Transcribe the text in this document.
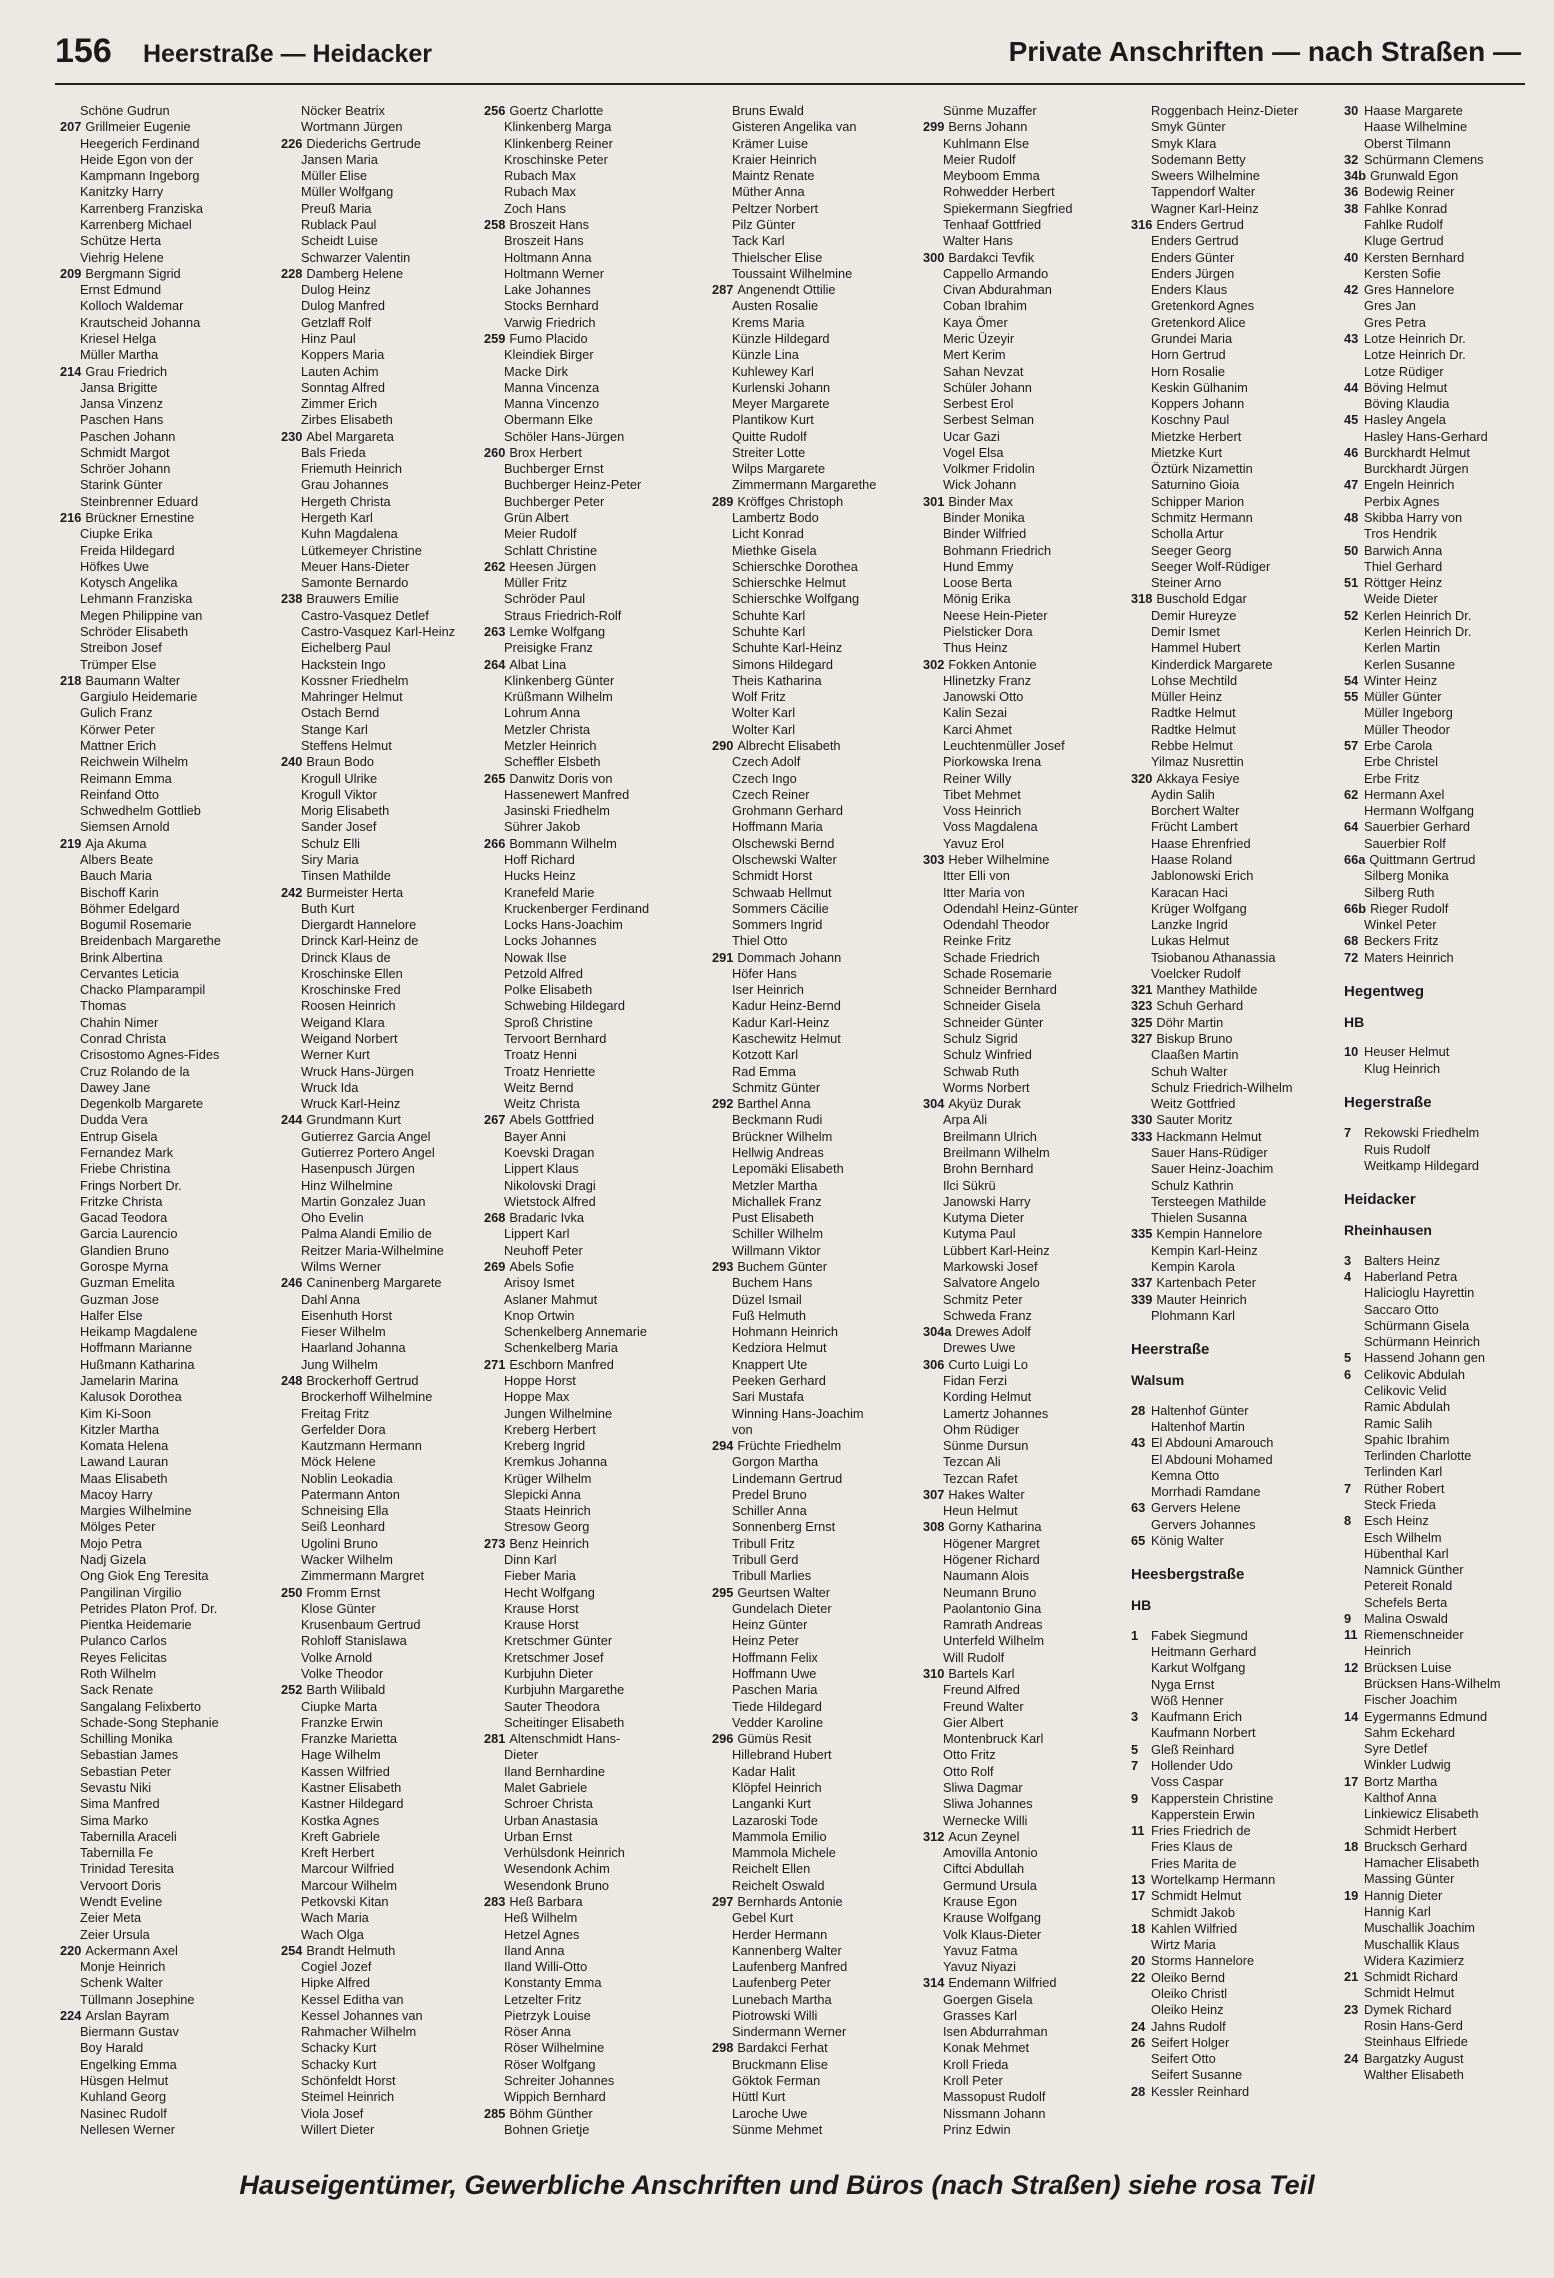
156 Heerstraße — Heidacker	Private Anschriften — nach Straßen —
Schöne Gudrun
207 Grillmeier Eugenie
Heegerich Ferdinand
Heide Egon von der
Kampmann Ingeborg
Kanitzky Harry
Karrenberg Franziska
Karrenberg Michael
Schütze Herta
Viehrig Helene
209 Bergmann Sigrid
Ernst Edmund
Kolloch Waldemar
Krautscheid Johanna
Kriesel Helga
Müller Martha
214 Grau Friedrich
Jansa Brigitte
Jansa Vinzenz
Paschen Hans
Paschen Johann
Schmidt Margot
Schröer Johann
Starink Günter
Steinbrenner Eduard
216 Brückner Ernestine
Ciupke Erika
Freida Hildegard
Höfkes Uwe
Kotysch Angelika
Lehmann Franziska
Megen Philippine van
Schröder Elisabeth
Streibon Josef
Trümper Else
218 Baumann Walter
Gargiulo Heidemarie
Gulich Franz
Körwer Peter
Mattner Erich
Reichwein Wilhelm
Reimann Emma
Reinfand Otto
Schwedhelm Gottlieb
Siemsen Arnold
219 Aja Akuma
Albers Beate
Bauch Maria
Bischoff Karin
Böhmer Edelgard
Bogumil Rosemarie
Breidenbach Margarethe
Brink Albertina
Cervantes Leticia
Chacko Plamparampil
Thomas
Chahin Nimer
Conrad Christa
Crisostomo Agnes-Fides
Cruz Rolando de la
Dawey Jane
Degenkolb Margarete
Dudda Vera
Entrup Gisela
Fernandez Mark
Friebe Christina
Frings Norbert Dr.
Fritzke Christa
Gacad Teodora
Garcia Laurencio
Glandien Bruno
Gorospe Myrna
Guzman Emelita
Guzman Jose
Halfer Else
Heikamp Magdalene
Hoffmann Marianne
Hußmann Katharina
Jamelarin Marina
Kalusok Dorothea
Kim Ki-Soon
Kitzler Martha
Komata Helena
Lawand Lauran
Maas Elisabeth
Macoy Harry
Margies Wilhelmine
Mölges Peter
Mojo Petra
Nadj Gizela
Ong Giok Eng Teresita
Pangilinan Virgilio
Petrides Platon Prof. Dr.
Pientka Heidemarie
Pulanco Carlos
Reyes Felicitas
Roth Wilhelm
Sack Renate
Sangalang Felixberto
Schade-Song Stephanie
Schilling Monika
Sebastian James
Sebastian Peter
Sevastu Niki
Sima Manfred
Sima Marko
Tabernilla Araceli
Tabernilla Fe
Trinidad Teresita
Vervoort Doris
Wendt Eveline
Zeier Meta
Zeier Ursula
220 Ackermann Axel
Monje Heinrich
Schenk Walter
Tüllmann Josephine
224 Arslan Bayram
Biermann Gustav
Boy Harald
Engelking Emma
Hüsgen Helmut
Kuhland Georg
Nasinec Rudolf
Nellesen Werner
Nöcker Beatrix
Wortmann Jürgen
226 Diederichs Gertrude
Jansen Maria
Müller Elise
Müller Wolfgang
Preuß Maria
Rublack Paul
Scheidt Luise
Schwarzer Valentin
228 Damberg Helene
Dulog Heinz
Dulog Manfred
Getzlaff Rolf
Hinz Paul
Koppers Maria
Lauten Achim
Sonntag Alfred
Zimmer Erich
Zirbes Elisabeth
230 Abel Margareta
Bals Frieda
Friemuth Heinrich
Grau Johannes
Hergeth Christa
Hergeth Karl
Kuhn Magdalena
Lütkemeyer Christine
Meuer Hans-Dieter
Samonte Bernardo
238 Brauwers Emilie
Castro-Vasquez Detlef
Castro-Vasquez Karl-Heinz
Eichelberg Paul
Hackstein Ingo
Kossner Friedhelm
Mahringer Helmut
Ostach Bernd
Stange Karl
Steffens Helmut
240 Braun Bodo
Krogull Ulrike
Krogull Viktor
Morig Elisabeth
Sander Josef
Schulz Elli
Siry Maria
Tinsen Mathilde
242 Burmeister Herta
Buth Kurt
Diergardt Hannelore
Drinck Karl-Heinz de
Drinck Klaus de
Kroschinske Ellen
Kroschinske Fred
Roosen Heinrich
Weigand Klara
Weigand Norbert
Werner Kurt
Wruck Hans-Jürgen
Wruck Ida
Wruck Karl-Heinz
244 Grundmann Kurt
Gutierrez Garcia Angel
Gutierrez Portero Angel
Hasenpusch Jürgen
Hinz Wilhelmine
Martin Gonzalez Juan
Oho Evelin
Palma Alandi Emilio de
Reitzer Maria-Wilhelmine
Wilms Werner
246 Caninenberg Margarete
Dahl Anna
Eisenhuth Horst
Fieser Wilhelm
Haarland Johanna
Jung Wilhelm
248 Brockerhoff Gertrud
Brockerhoff Wilhelmine
Freitag Fritz
Gerfelder Dora
Kautzmann Hermann
Möck Helene
Noblin Leokadia
Patermann Anton
Schneising Ella
Seiß Leonhard
Ugolini Bruno
Wacker Wilhelm
Zimmermann Margret
250 Fromm Ernst
Klose Günter
Krusenbaum Gertrud
Rohloff Stanislawa
Volke Arnold
Volke Theodor
252 Barth Wilibald
Ciupke Marta
Franzke Erwin
Franzke Marietta
Hage Wilhelm
Kassen Wilfried
Kastner Elisabeth
Kastner Hildegard
Kostka Agnes
Kreft Gabriele
Kreft Herbert
Marcour Wilfried
Marcour Wilhelm
Petkovski Kitan
Wach Maria
Wach Olga
254 Brandt Helmuth
Cogiel Jozef
Hipke Alfred
Kessel Editha van
Kessel Johannes van
Rahmacher Wilhelm
Schacky Kurt
Schacky Kurt
Schönfeldt Horst
Steimel Heinrich
Viola Josef
Willert Dieter
256 Goertz Charlotte
Klinkenberg Marga
Klinkenberg Reiner
Kroschinske Peter
Rubach Max
Rubach Max
Zoch Hans
258 Broszeit Hans
Broszeit Hans
Holtmann Anna
Holtmann Werner
Lake Johannes
Stocks Bernhard
Varwig Friedrich
259 Fumo Placido
Kleindiek Birger
Macke Dirk
Manna Vincenza
Manna Vincenzo
Obermann Elke
Schöler Hans-Jürgen
260 Brox Herbert
Buchberger Ernst
Buchberger Heinz-Peter
Buchberger Peter
Grün Albert
Meier Rudolf
Schlatt Christine
262 Heesen Jürgen
Müller Fritz
Schröder Paul
Straus Friedrich-Rolf
263 Lemke Wolfgang
Preisigke Franz
264 Albat Lina
Klinkenberg Günter
Krüßmann Wilhelm
Lohrum Anna
Metzler Christa
Metzler Heinrich
Scheffler Elsbeth
265 Danwitz Doris von
Hassenewert Manfred
Jasinski Friedhelm
Sührer Jakob
266 Bommann Wilhelm
Hoff Richard
Hucks Heinz
Kranefeld Marie
Kruckenberger Ferdinand
Locks Hans-Joachim
Locks Johannes
Nowak Ilse
Petzold Alfred
Polke Elisabeth
Schwebing Hildegard
Sproß Christine
Tervoort Bernhard
Troatz Henni
Troatz Henriette
Weitz Bernd
Weitz Christa
267 Abels Gottfried
Bayer Anni
Koevski Dragan
Lippert Klaus
Nikolovski Dragi
Wietstock Alfred
268 Bradaric Ivka
Lippert Karl
Neuhoff Peter
269 Abels Sofie
Arisoy Ismet
Aslaner Mahmut
Knop Ortwin
Schenkelberg Annemarie
Schenkelberg Maria
271 Eschborn Manfred
Hoppe Horst
Hoppe Max
Jungen Wilhelmine
Kreberg Herbert
Kreberg Ingrid
Kremkus Johanna
Krüger Wilhelm
Slepicki Anna
Staats Heinrich
Stresow Georg
273 Benz Heinrich
Dinn Karl
Fieber Maria
Hecht Wolfgang
Krause Horst
Krause Horst
Kretschmer Günter
Kretschmer Josef
Kurbjuhn Dieter
Kurbjuhn Margarethe
Sauter Theodora
Scheitinger Elisabeth
281 Altenschmidt Hans-
Dieter
Iland Bernhardine
Malet Gabriele
Schroer Christa
Urban Anastasia
Urban Ernst
Verhülsdonk Heinrich
Wesendonk Achim
Wesendonk Bruno
283 Heß Barbara
Heß Wilhelm
Hetzel Agnes
Iland Anna
Iland Willi-Otto
Konstanty Emma
Letzelter Fritz
Pietrzyk Louise
Röser Anna
Röser Wilhelmine
Röser Wolfgang
Schreiter Johannes
Wippich Bernhard
285 Böhm Günther
Bohnen Grietje
Bruns Ewald
Gisteren Angelika van
Krämer Luise
Kraier Heinrich
Maintz Renate
Müther Anna
Peltzer Norbert
Pilz Günter
Tack Karl
Thielscher Elise
Toussaint Wilhelmine
287 Angenendt Ottilie
Austen Rosalie
Krems Maria
Künzle Hildegard
Künzle Lina
Kuhlewey Karl
Kurlenski Johann
Meyer Margarete
Plantikow Kurt
Quitte Rudolf
Streiter Lotte
Wilps Margarete
Zimmermann Margarethe
289 Kröffges Christoph
Lambertz Bodo
Licht Konrad
Miethke Gisela
Schierschke Dorothea
Schierschke Helmut
Schierschke Wolfgang
Schuhte Karl
Schuhte Karl
Schuhte Karl-Heinz
Simons Hildegard
Theis Katharina
Wolf Fritz
Wolter Karl
Wolter Karl
290 Albrecht Elisabeth
Czech Adolf
Czech Ingo
Czech Reiner
Grohmann Gerhard
Hoffmann Maria
Olschewski Bernd
Olschewski Walter
Schmidt Horst
Schwaab Hellmut
Sommers Cäcilie
Sommers Ingrid
Thiel Otto
291 Dommach Johann
Höfer Hans
Iser Heinrich
Kadur Heinz-Bernd
Kadur Karl-Heinz
Kaschewitz Helmut
Kotzott Karl
Rad Emma
Schmitz Günter
292 Barthel Anna
Beckmann Rudi
Brückner Wilhelm
Hellwig Andreas
Lepomäki Elisabeth
Metzler Martha
Michallek Franz
Pust Elisabeth
Schiller Wilhelm
Willmann Viktor
293 Buchem Günter
Buchem Hans
Düzel Ismail
Fuß Helmuth
Hohmann Heinrich
Kedziora Helmut
Knappert Ute
Peeken Gerhard
Sari Mustafa
Winning Hans-Joachim
von
294 Früchte Friedhelm
Gorgon Martha
Lindemann Gertrud
Predel Bruno
Schiller Anna
Sonnenberg Ernst
Tribull Fritz
Tribull Gerd
Tribull Marlies
295 Geurtsen Walter
Gundelach Dieter
Heinz Günter
Heinz Peter
Hoffmann Felix
Hoffmann Uwe
Paschen Maria
Tiede Hildegard
Vedder Karoline
296 Gümüs Resit
Hillebrand Hubert
Kadar Halit
Klöpfel Heinrich
Langanki Kurt
Lazaroski Tode
Mammola Emilio
Mammola Michele
Reichelt Ellen
Reichelt Oswald
297 Bernhards Antonie
Gebel Kurt
Herder Hermann
Kannenberg Walter
Laufenberg Manfred
Laufenberg Peter
Lunebach Martha
Piotrowski Willi
Sindermann Werner
298 Bardakci Ferhat
Bruckmann Elise
Göktok Ferman
Hüttl Kurt
Laroche Uwe
Sünme Mehmet
Sünme Muzaffer
299 Berns Johann
Kuhlmann Else
Meier Rudolf
Meyboom Emma
Rohwedder Herbert
Spiekermann Siegfried
Tenhaaf Gottfried
Walter Hans
300 Bardakci Tevfik
Cappello Armando
Civan Abdurahman
Coban Ibrahim
Kaya Ömer
Meric Üzeyir
Mert Kerim
Sahan Nevzat
Schüler Johann
Serbest Erol
Serbest Selman
Ucar Gazi
Vogel Elsa
Volkmer Fridolin
Wick Johann
301 Binder Max
Binder Monika
Binder Wilfried
Bohmann Friedrich
Hund Emmy
Loose Berta
Mönig Erika
Neese Hein-Pieter
Pielsticker Dora
Thus Heinz
302 Fokken Antonie
Hlinetzky Franz
Janowski Otto
Kalin Sezai
Karci Ahmet
Leuchtenmüller Josef
Piorkowska Irena
Reiner Willy
Tibet Mehmet
Voss Heinrich
Voss Magdalena
Yavuz Erol
303 Heber Wilhelmine
Itter Elli von
Itter Maria von
Odendahl Heinz-Günter
Odendahl Theodor
Reinke Fritz
Schade Friedrich
Schade Rosemarie
Schneider Bernhard
Schneider Gisela
Schneider Günter
Schulz Sigrid
Schulz Winfried
Schwab Ruth
Worms Norbert
304 Akyüz Durak
Arpa Ali
Breilmann Ulrich
Breilmann Wilhelm
Brohn Bernhard
Ilci Sükrü
Janowski Harry
Kutyma Dieter
Kutyma Paul
Lübbert Karl-Heinz
Markowski Josef
Salvatore Angelo
Schmitz Peter
Schweda Franz
304a Drewes Adolf
Drewes Uwe
306 Curto Luigi Lo
Fidan Ferzi
Kording Helmut
Lamertz Johannes
Ohm Rüdiger
Sünme Dursun
Tezcan Ali
Tezcan Rafet
307 Hakes Walter
Heun Helmut
308 Gorny Katharina
Högener Margret
Högener Richard
Naumann Alois
Neumann Bruno
Paolantonio Gina
Ramrath Andreas
Unterfeld Wilhelm
Will Rudolf
310 Bartels Karl
Freund Alfred
Freund Walter
Gier Albert
Montenbruck Karl
Otto Fritz
Otto Rolf
Sliwa Dagmar
Sliwa Johannes
Wernecke Willi
312 Acun Zeynel
Amovilla Antonio
Ciftci Abdullah
Germund Ursula
Krause Egon
Krause Wolfgang
Volk Klaus-Dieter
Yavuz Fatma
Yavuz Niyazi
314 Endemann Wilfried
Goergen Gisela
Grasses Karl
Isen Abdurrahman
Konak Mehmet
Kroll Frieda
Kroll Peter
Massopust Rudolf
Nissmann Johann
Prinz Edwin
Roggenbach Heinz-Dieter
Smyk Günter
Smyk Klara
Sodemann Betty
Sweers Wilhelmine
Tappendorf Walter
Wagner Karl-Heinz
316 Enders Gertrud
Enders Gertrud
Enders Günter
Enders Jürgen
Enders Klaus
Gretenkord Agnes
Gretenkord Alice
Grundei Maria
Horn Gertrud
Horn Rosalie
Keskin Gülhanim
Koppers Johann
Koschny Paul
Mietzke Herbert
Mietzke Kurt
Öztürk Nizamettin
Saturnino Gioia
Schipper Marion
Schmitz Hermann
Scholla Artur
Seeger Georg
Seeger Wolf-Rüdiger
Steiner Arno
318 Buschold Edgar
Demir Hureyze
Demir Ismet
Hammel Hubert
Kinderdick Margarete
Lohse Mechtild
Müller Heinz
Radtke Helmut
Radtke Helmut
Rebbe Helmut
Yilmaz Nusrettin
320 Akkaya Fesiye
Aydin Salih
Borchert Walter
Frücht Lambert
Haase Ehrenfried
Haase Roland
Jablonowski Erich
Karacan Haci
Krüger Wolfgang
Lanzke Ingrid
Lukas Helmut
Tsiobanou Athanassia
Voelcker Rudolf
321 Manthey Mathilde
323 Schuh Gerhard
325 Döhr Martin
327 Biskup Bruno
Claaßen Martin
Schuh Walter
Schulz Friedrich-Wilhelm
Weitz Gottfried
330 Sauter Moritz
333 Hackmann Helmut
Sauer Hans-Rüdiger
Sauer Heinz-Joachim
Schulz Kathrin
Tersteegen Mathilde
Thielen Susanna
335 Kempin Hannelore
Kempin Karl-Heinz
Kempin Karola
337 Kartenbach Peter
339 Mauter Heinrich
Plohmann Karl
Heerstraße
Walsum
28 Haltenhof Günter
Haltenhof Martin
43 El Abdouni Amarouch
El Abdouni Mohamed
Kemna Otto
Morrhadi Ramdane
63 Gervers Helene
Gervers Johannes
65 König Walter
Heesbergstraße
HB
1 Fabek Siegmund
Heitmann Gerhard
Karkut Wolfgang
Nyga Ernst
Wöß Henner
3 Kaufmann Erich
Kaufmann Norbert
5 Gleß Reinhard
7 Hollender Udo
Voss Caspar
9 Kapperstein Christine
Kapperstein Erwin
11 Fries Friedrich de
Fries Klaus de
Fries Marita de
13 Wortelkamp Hermann
17 Schmidt Helmut
Schmidt Jakob
18 Kahlen Wilfried
Wirtz Maria
20 Storms Hannelore
22 Oleiko Bernd
Oleiko Christl
Oleiko Heinz
24 Jahns Rudolf
26 Seifert Holger
Seifert Otto
Seifert Susanne
28 Kessler Reinhard
30 Haase Margarete
Haase Wilhelmine
Oberst Tilmann
32 Schürmann Clemens
34b Grunwald Egon
36 Bodewig Reiner
38 Fahlke Konrad
Fahlke Rudolf
Kluge Gertrud
40 Kersten Bernhard
Kersten Sofie
42 Gres Hannelore
Gres Jan
Gres Petra
43 Lotze Heinrich Dr.
Lotze Heinrich Dr.
Lotze Rüdiger
44 Böving Helmut
Böving Klaudia
45 Hasley Angela
Hasley Hans-Gerhard
46 Burckhardt Helmut
Burckhardt Jürgen
47 Engeln Heinrich
Perbix Agnes
48 Skibba Harry von
Tros Hendrik
50 Barwich Anna
Thiel Gerhard
51 Röttger Heinz
Weide Dieter
52 Kerlen Heinrich Dr.
Kerlen Heinrich Dr.
Kerlen Martin
Kerlen Susanne
54 Winter Heinz
55 Müller Günter
Müller Ingeborg
Müller Theodor
57 Erbe Carola
Erbe Christel
Erbe Fritz
62 Hermann Axel
Hermann Wolfgang
64 Sauerbier Gerhard
Sauerbier Rolf
66a Quittmann Gertrud
Silberg Monika
Silberg Ruth
66b Rieger Rudolf
Winkel Peter
68 Beckers Fritz
72 Maters Heinrich
Hegentweg
HB
10 Heuser Helmut
Klug Heinrich
Hegerstraße
7 Rekowski Friedhelm
Ruis Rudolf
Weitkamp Hildegard
Heidacker
Rheinhausen
3 Balters Heinz
4 Haberland Petra
Halicioglu Hayrettin
Saccaro Otto
Schürmann Gisela
Schürmann Heinrich
5 Hassend Johann gen
6 Celikovic Abdulah
Celikovic Velid
Ramic Abdulah
Ramic Salih
Spahic Ibrahim
Terlinden Charlotte
Terlinden Karl
7 Rüther Robert
Steck Frieda
8 Esch Heinz
Esch Wilhelm
Hübenthal Karl
Namnick Günther
Petereit Ronald
Schefels Berta
9 Malina Oswald
11 Riemenschneider
Heinrich
12 Brücksen Luise
Brücksen Hans-Wilhelm
Fischer Joachim
14 Eygermanns Edmund
Sahm Eckehard
Syre Detlef
Winkler Ludwig
17 Bortz Martha
Kalthof Anna
Linkiewicz Elisabeth
Schmidt Herbert
18 Brucksch Gerhard
Hamacher Elisabeth
Massing Günter
19 Hannig Dieter
Hannig Karl
Muschallik Joachim
Muschallik Klaus
Widera Kazimierz
21 Schmidt Richard
Schmidt Helmut
23 Dymek Richard
Rosin Hans-Gerd
Steinhaus Elfriede
24 Bargatzky August
Walther Elisabeth
Hauseigentümer, Gewerbliche Anschriften und Büros (nach Straßen) siehe rosa Teil
